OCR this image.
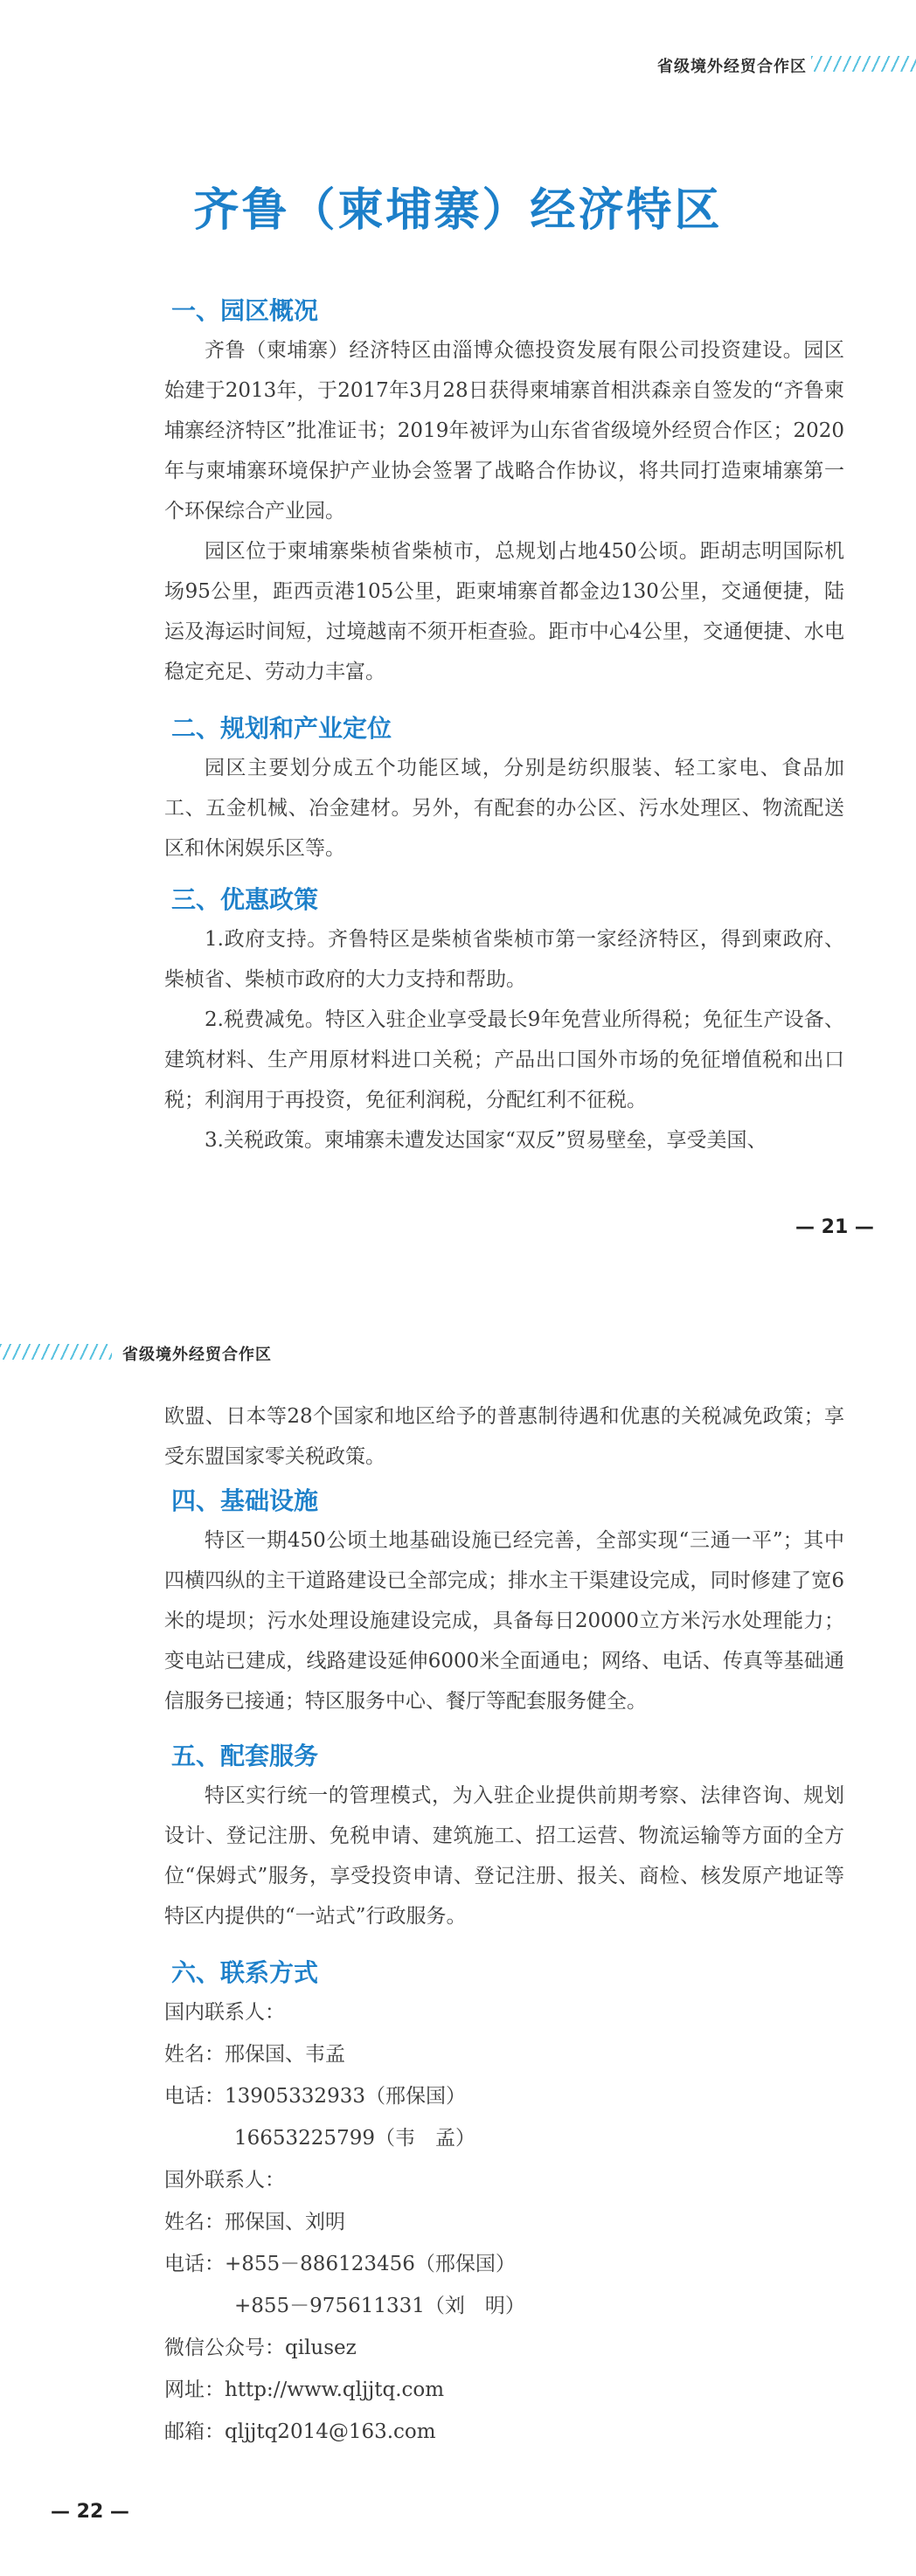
省级境外经贸合作区
齐鲁（柬埔寨）经济特区
一、园区概况

齐鲁（柬埔寨）经济特区由淄博众德投资发展有限公司投资建设。园区始建于2013年，于2017年3月28日获得柬埔寨首相洪森亲自签发的“齐鲁柬埔寨经济特区”批准证书；2019年被评为山东省省级境外经贸合作区；2020年与柬埔寨环境保护产业协会签署了战略合作协议，将共同打造柬埔寨第一个环保综合产业园。

园区位于柬埔寨柴桢省柴桢市，总规划占地450公顷。距胡志明国际机场95公里，距西贡港105公里，距柬埔寨首都金边130公里，交通便捷，陆运及海运时间短，过境越南不须开柜查验。距市中心4公里，交通便捷、水电稳定充足、劳动力丰富。

二、规划和产业定位

园区主要划分成五个功能区域，分别是纺织服装、轻工家电、食品加工、五金机械、冶金建材。另外，有配套的办公区、污水处理区、物流配送区和休闲娱乐区等。

三、优惠政策

1.政府支持。齐鲁特区是柴桢省柴桢市第一家经济特区，得到柬政府、柴桢省、柴桢市政府的大力支持和帮助。

2.税费减免。特区入驻企业享受最长9年免营业所得税；免征生产设备、建筑材料、生产用原材料进口关税；产品出口国外市场的免征增值税和出口税；利润用于再投资，免征利润税，分配红利不征税。

3.关税政策。柬埔寨未遭发达国家“双反”贸易壁垒，享受美国、

— 21 —
省级境外经贸合作区

欧盟、日本等28个国家和地区给予的普惠制待遇和优惠的关税减免政策；享受东盟国家零关税政策。

四、基础设施

特区一期450公顷土地基础设施已经完善，全部实现“三通一平”；其中四横四纵的主干道路建设已全部完成；排水主干渠建设完成，同时修建了宽6米的堤坝；污水处理设施建设完成，具备每日20000立方米污水处理能力；变电站已建成，线路建设延伸6000米全面通电；网络、电话、传真等基础通信服务已接通；特区服务中心、餐厅等配套服务健全。

五、配套服务

特区实行统一的管理模式，为入驻企业提供前期考察、法律咨询、规划设计、登记注册、免税申请、建筑施工、招工运营、物流运输等方面的全方位“保姆式”服务，享受投资申请、登记注册、报关、商检、核发原产地证等特区内提供的“一站式”行政服务。

六、联系方式
国内联系人：
姓名：邢保国、韦孟
电话：13905332933（邢保国）
16653225799（韦　孟）
国外联系人：
姓名：邢保国、刘明
电话：+855－886123456（邢保国）
+855－975611331（刘　明）
微信公众号：qilusez
网址：http://www.qljjtq.com
邮箱：qljjtq2014@163.com
— 22 —
